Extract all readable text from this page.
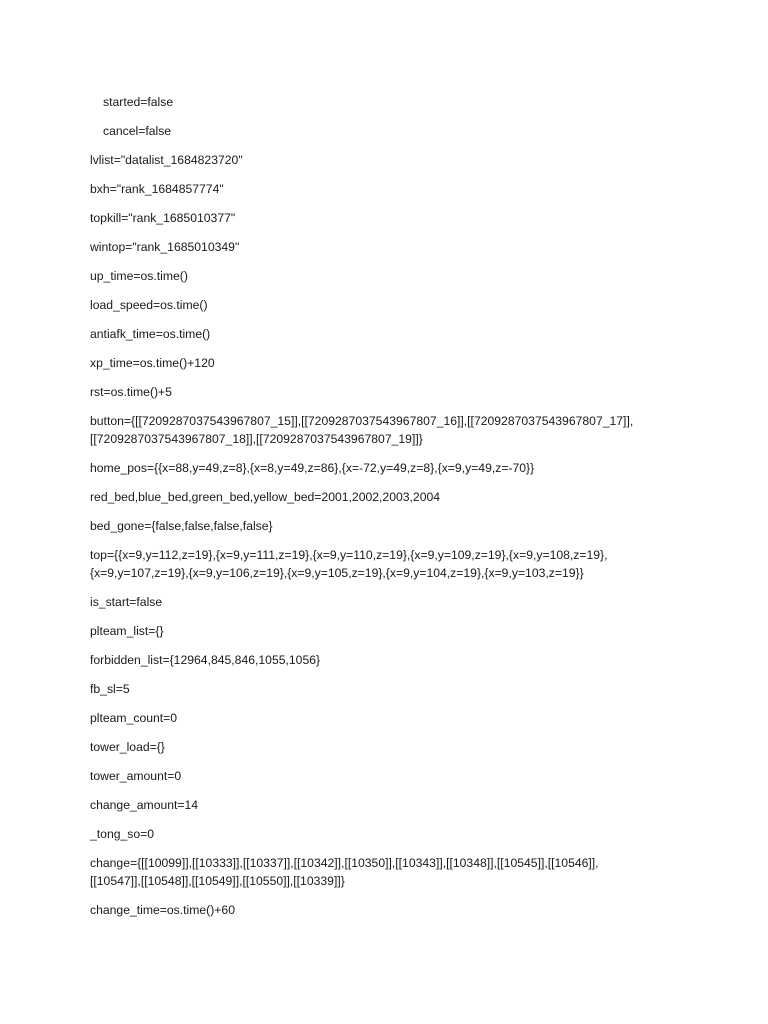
started=false

cancel=false

lvlist="datalist_1684823720"

bxh="rank_1684857774"

topkill="rank_1685010377"

wintop="rank_1685010349"

up_time=os.time()

load_speed=os.time()

antiafk_time=os.time()

xp_time=os.time()+120

rst=os.time()+5

button={[[7209287037543967807_15]],[[7209287037543967807_16]],[[7209287037543967807_17]],
[[7209287037543967807_18]],[[7209287037543967807_19]]}

home_pos={{x=88,y=49,z=8},{x=8,y=49,z=86},{x=-72,y=49,z=8},{x=9,y=49,z=-70}}

red_bed,blue_bed,green_bed,yellow_bed=2001,2002,2003,2004

bed_gone={false,false,false,false}

top={{x=9,y=112,z=19},{x=9,y=111,z=19},{x=9,y=110,z=19},{x=9,y=109,z=19},{x=9,y=108,z=19},
{x=9,y=107,z=19},{x=9,y=106,z=19},{x=9,y=105,z=19},{x=9,y=104,z=19},{x=9,y=103,z=19}}

is_start=false

plteam_list={}

forbidden_list={12964,845,846,1055,1056}

fb_sl=5

plteam_count=0

tower_load={}

tower_amount=0

change_amount=14

_tong_so=0

change={[[10099]],[[10333]],[[10337]],[[10342]],[[10350]],[[10343]],[[10348]],[[10545]],[[10546]],
[[10547]],[[10548]],[[10549]],[[10550]],[[10339]]}

change_time=os.time()+60
